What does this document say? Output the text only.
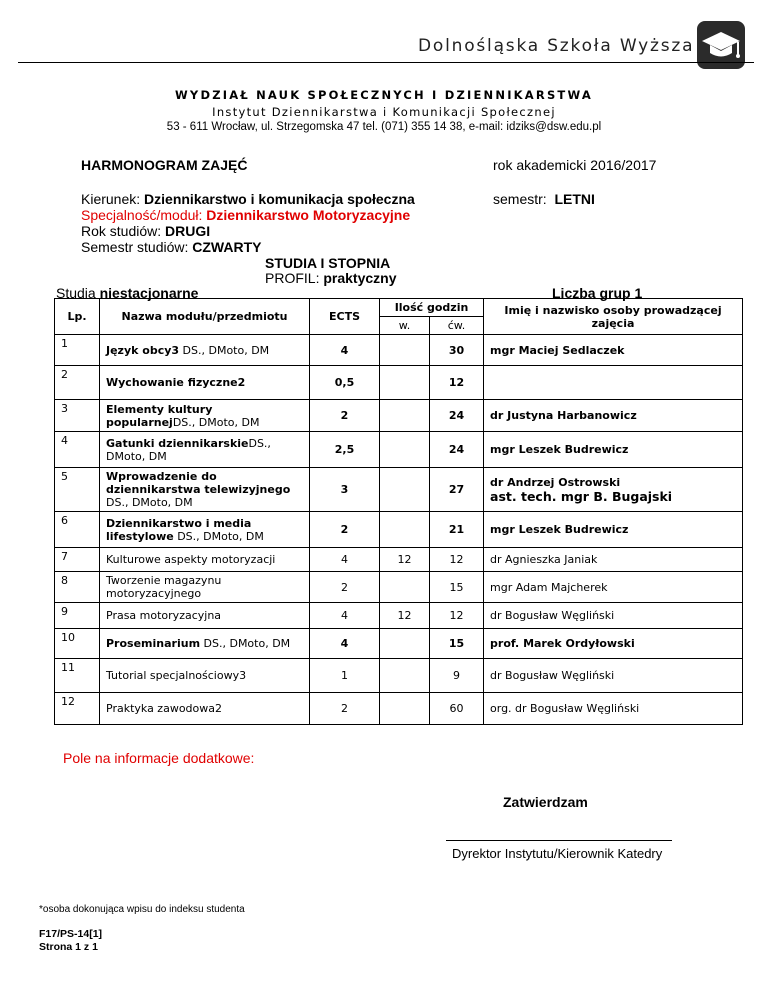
Dolnośląska Szkoła Wyższa
WYDZIAŁ NAUK SPOŁECZNYCH I DZIENNIKARSTWA
Instytut Dziennikarstwa i Komunikacji Społecznej
53 - 611 Wrocław, ul. Strzegomska 47 tel. (071) 355 14 38, e-mail: idziks@dsw.edu.pl
HARMONOGRAM ZAJĘĆ	rok akademicki 2016/2017
Kierunek: Dziennikarstwo i komunikacja społeczna	semestr: LETNI
Specjalność/moduł: Dziennikarstwo Motoryzacyjne
Rok studiów: DRUGI
Semestr studiów: CZWARTY
STUDIA I STOPNIA
PROFIL: praktyczny
Studia niestacjonarne	Liczba grup 1
Lp.	Nazwa modułu/przedmiotu	ECTS	Ilość godzin		Imię i nazwisko osoby prowadzącej zajęcia
			w.	ćw.	
1	Język obcy3 DS., DMoto, DM	4		30	mgr Maciej Sedlaczek

2	Wychowanie fizyczne2	0,5		12	

3	Elementy kultury popularnejDS., DMoto, DM	2		24	dr Justyna Harbanowicz

4	Gatunki dziennikarskieDS., DMoto, DM	2,5		24	mgr Leszek Budrewicz

5	Wprowadzenie do dziennikarstwa telewizyjnego DS., DMoto, DM	3		27	dr Andrzej Ostrowski
ast. tech. mgr B. Bugajski

6	Dziennikarstwo i media lifestylowe DS., DMoto, DM	2		21	mgr Leszek Budrewicz

7	Kulturowe aspekty motoryzacji	4	12	12	dr Agnieszka Janiak

8	Tworzenie magazynu motoryzacyjnego	2		15	mgr Adam Majcherek

9	Prasa motoryzacyjna	4	12	12	dr Bogusław Węgliński

10	Proseminarium DS., DMoto, DM	4		15	prof. Marek Ordyłowski

11	Tutorial specjalnościowy3	1		9	dr Bogusław Węgliński

12	Praktyka zawodowa2	2		60	org. dr Bogusław Węgliński
Pole na informacje dodatkowe:
Zatwierdzam
Dyrektor Instytutu/Kierownik Katedry
*osoba dokonująca wpisu do indeksu studenta
F17/PS-14[1]
Strona 1 z 1
